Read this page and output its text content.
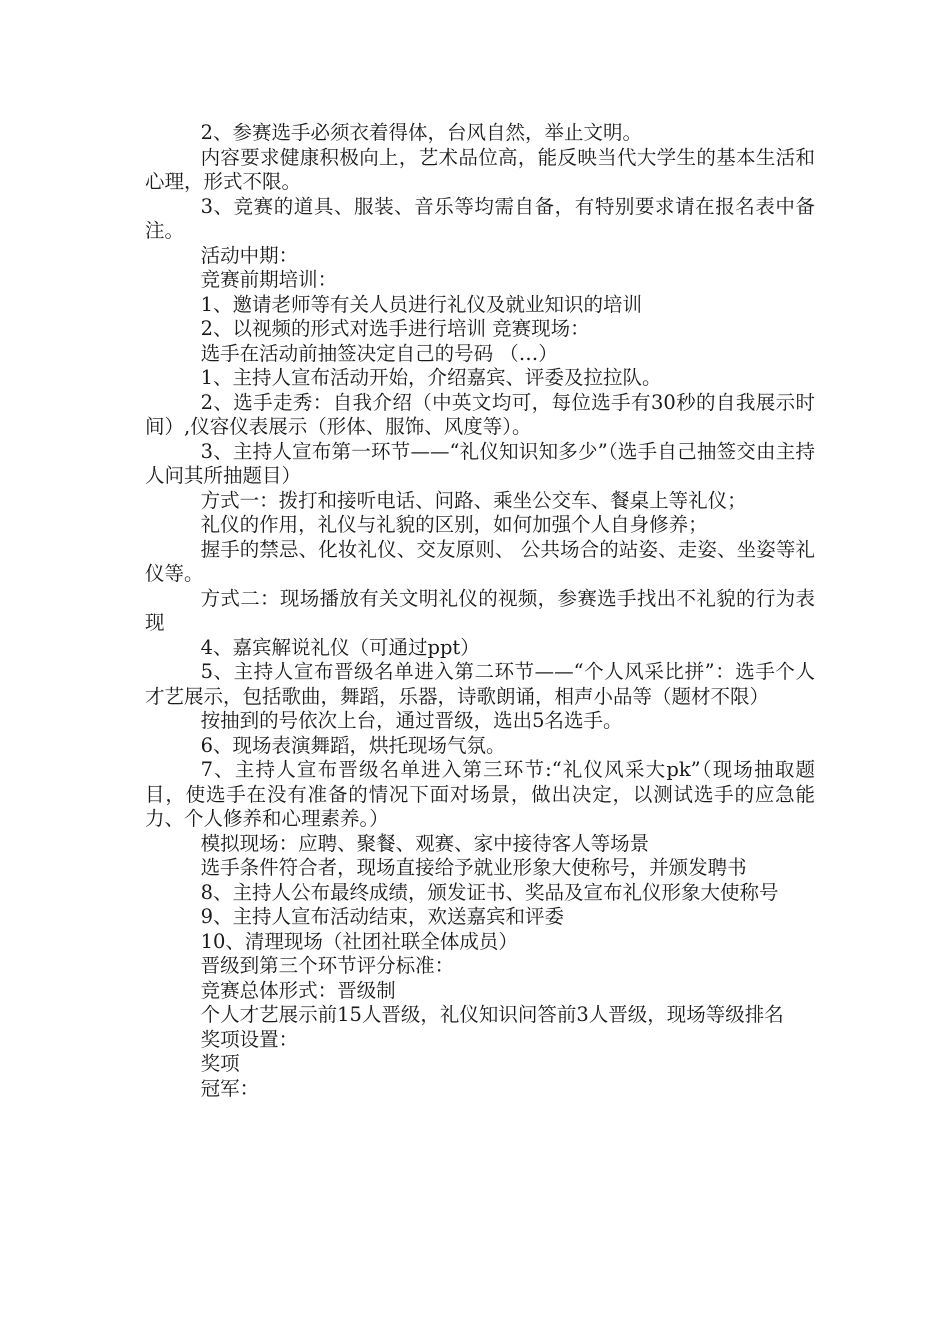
2、参赛选手必须衣着得体，台风自然，举止文明。

内容要求健康积极向上，艺术品位高，能反映当代大学生的基本生活和心理，形式不限。

3、竞赛的道具、服装、音乐等均需自备，有特别要求请在报名表中备注。

活动中期：

竞赛前期培训：

1、邀请老师等有关人员进行礼仪及就业知识的培训

2、以视频的形式对选手进行培训 竞赛现场：

选手在活动前抽签决定自己的号码 （…）

1、主持人宣布活动开始，介绍嘉宾、评委及拉拉队。

2、选手走秀：自我介绍（中英文均可，每位选手有30秒的自我展示时间）,仪容仪表展示（形体、服饰、风度等）。

3、主持人宣布第一环节——“礼仪知识知多少”（选手自己抽签交由主持人问其所抽题目）

方式一：拨打和接听电话、问路、乘坐公交车、餐桌上等礼仪；

礼仪的作用，礼仪与礼貌的区别，如何加强个人自身修养；

握手的禁忌、化妆礼仪、交友原则、 公共场合的站姿、走姿、坐姿等礼仪等。

方式二：现场播放有关文明礼仪的视频，参赛选手找出不礼貌的行为表现

4、嘉宾解说礼仪（可通过ppt）

5、主持人宣布晋级名单进入第二环节——“个人风采比拼”：选手个人才艺展示，包括歌曲，舞蹈，乐器，诗歌朗诵，相声小品等（题材不限）

按抽到的号依次上台，通过晋级，选出5名选手。

6、现场表演舞蹈，烘托现场气氛。

7、主持人宣布晋级名单进入第三环节:“礼仪风采大pk”（现场抽取题目，使选手在没有准备的情况下面对场景，做出决定，以测试选手的应急能力、个人修养和心理素养。）

模拟现场：应聘、聚餐、观赛、家中接待客人等场景

选手条件符合者，现场直接给予就业形象大使称号，并颁发聘书

8、主持人公布最终成绩，颁发证书、奖品及宣布礼仪形象大使称号

9、主持人宣布活动结束，欢送嘉宾和评委

10、清理现场（社团社联全体成员）

晋级到第三个环节评分标准：

竞赛总体形式：晋级制

个人才艺展示前15人晋级，礼仪知识问答前3人晋级，现场等级排名

奖项设置：

奖项

冠军：
